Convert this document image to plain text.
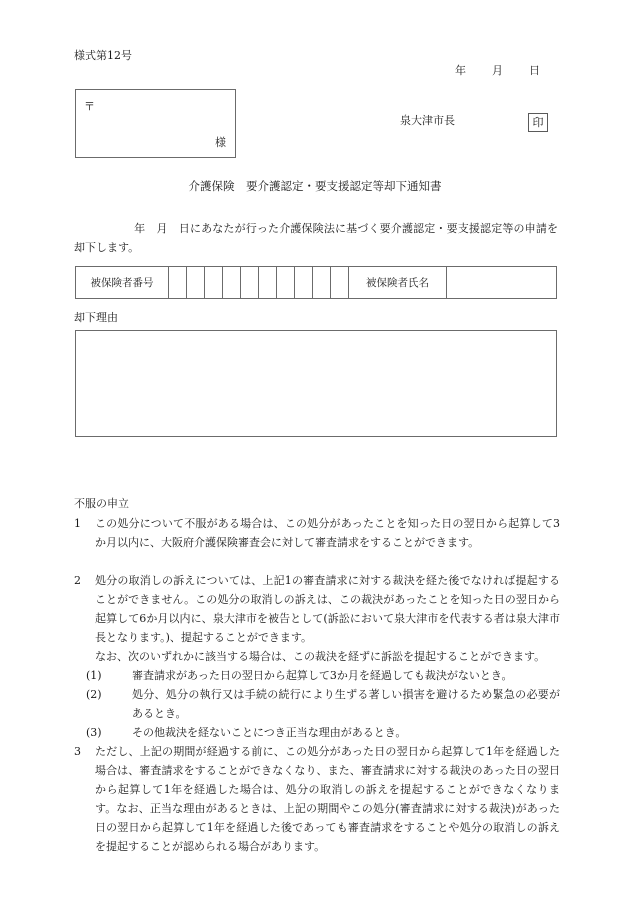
様式第12号
年 月 日
〒
様
泉大津市長	印
介護保険　要介護認定・要支援認定等却下通知書
年　月　日にあなたが行った介護保険法に基づく要介護認定・要支援認定等の申請を却下します。
被保険者番号											被保険者氏名	
却下理由
不服の申立
1 この処分について不服がある場合は、この処分があったことを知った日の翌日から起算して3か月以内に、大阪府介護保険審査会に対して審査請求をすることができます。
2 処分の取消しの訴えについては、上記1の審査請求に対する裁決を経た後でなければ提起することができません。この処分の取消しの訴えは、この裁決があったことを知った日の翌日から起算して6か月以内に、泉大津市を被告として(訴訟において泉大津市を代表する者は泉大津市長となります。)、提起することができます。
なお、次のいずれかに該当する場合は、この裁決を経ずに訴訟を提起することができます。
(1)	審査請求があった日の翌日から起算して3か月を経過しても裁決がないとき。
(2)	処分、処分の執行又は手続の続行により生ずる著しい損害を避けるため緊急の必要があるとき。
(3)	その他裁決を経ないことにつき正当な理由があるとき。
3 ただし、上記の期間が経過する前に、この処分があった日の翌日から起算して1年を経過した場合は、審査請求をすることができなくなり、また、審査請求に対する裁決のあった日の翌日から起算して1年を経過した場合は、処分の取消しの訴えを提起することができなくなります。なお、正当な理由があるときは、上記の期間やこの処分(審査請求に対する裁決)があった日の翌日から起算して1年を経過した後であっても審査請求をすることや処分の取消しの訴えを提起することが認められる場合があります。
